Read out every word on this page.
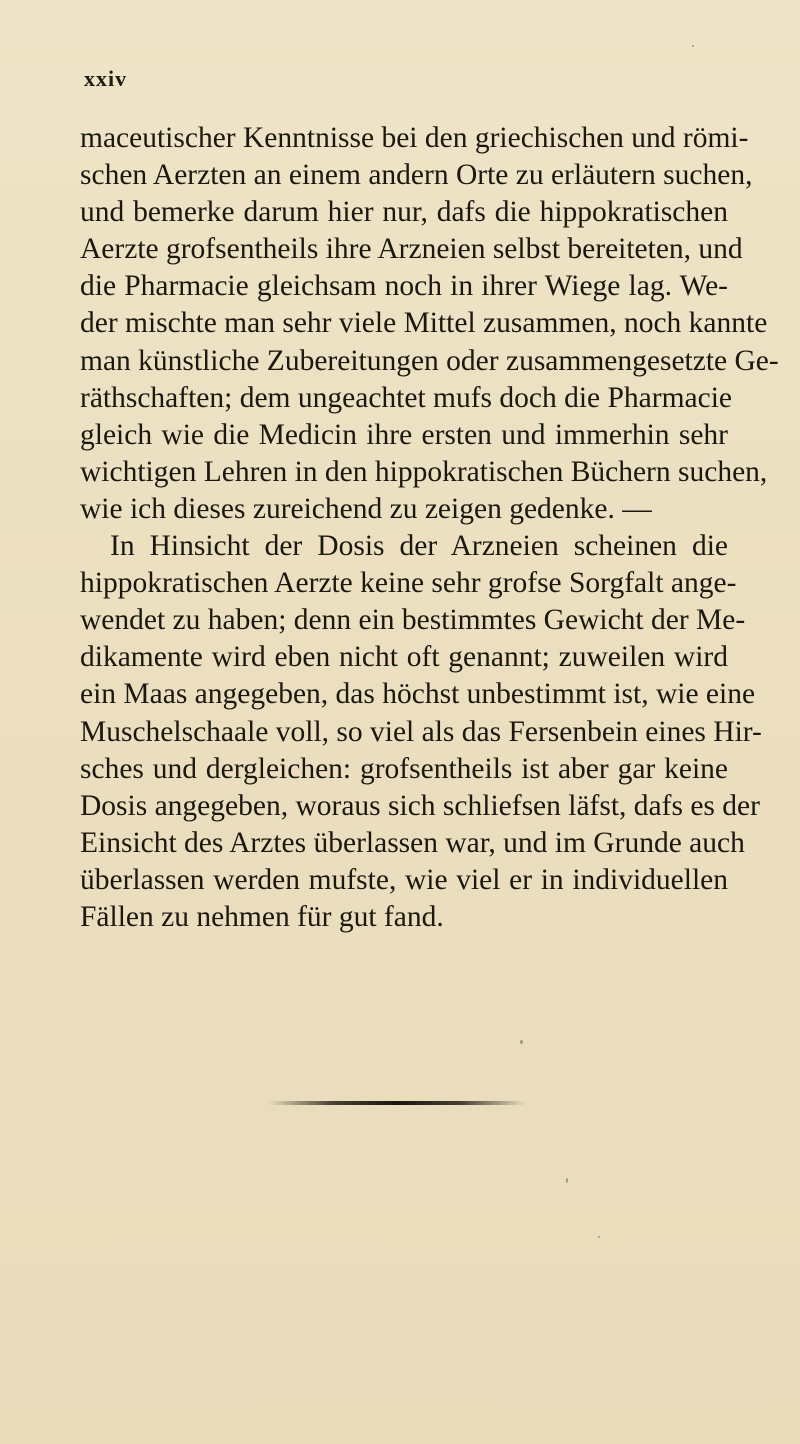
xxiv
maceutischer Kenntnisse bei den griechischen und römi-
schen Aerzten an einem andern Orte zu erläutern suchen,
und bemerke darum hier nur, dafs die hippokratischen
Aerzte grofsentheils ihre Arzneien selbst bereiteten, und
die Pharmacie gleichsam noch in ihrer Wiege lag. We-
der mischte man sehr viele Mittel zusammen, noch kannte
man künstliche Zubereitungen oder zusammengesetzte Ge-
räthschaften; dem ungeachtet mufs doch die Pharmacie
gleich wie die Medicin ihre ersten und immerhin sehr
wichtigen Lehren in den hippokratischen Büchern suchen,
wie ich dieses zureichend zu zeigen gedenke. —
In Hinsicht der Dosis der Arzneien scheinen die
hippokratischen Aerzte keine sehr grofse Sorgfalt ange-
wendet zu haben; denn ein bestimmtes Gewicht der Me-
dikamente wird eben nicht oft genannt; zuweilen wird
ein Maas angegeben, das höchst unbestimmt ist, wie eine
Muschelschaale voll, so viel als das Fersenbein eines Hir-
sches und dergleichen: grofsentheils ist aber gar keine
Dosis angegeben, woraus sich schliefsen läfst, dafs es der
Einsicht des Arztes überlassen war, und im Grunde auch
überlassen werden mufste, wie viel er in individuellen
Fällen zu nehmen für gut fand.
